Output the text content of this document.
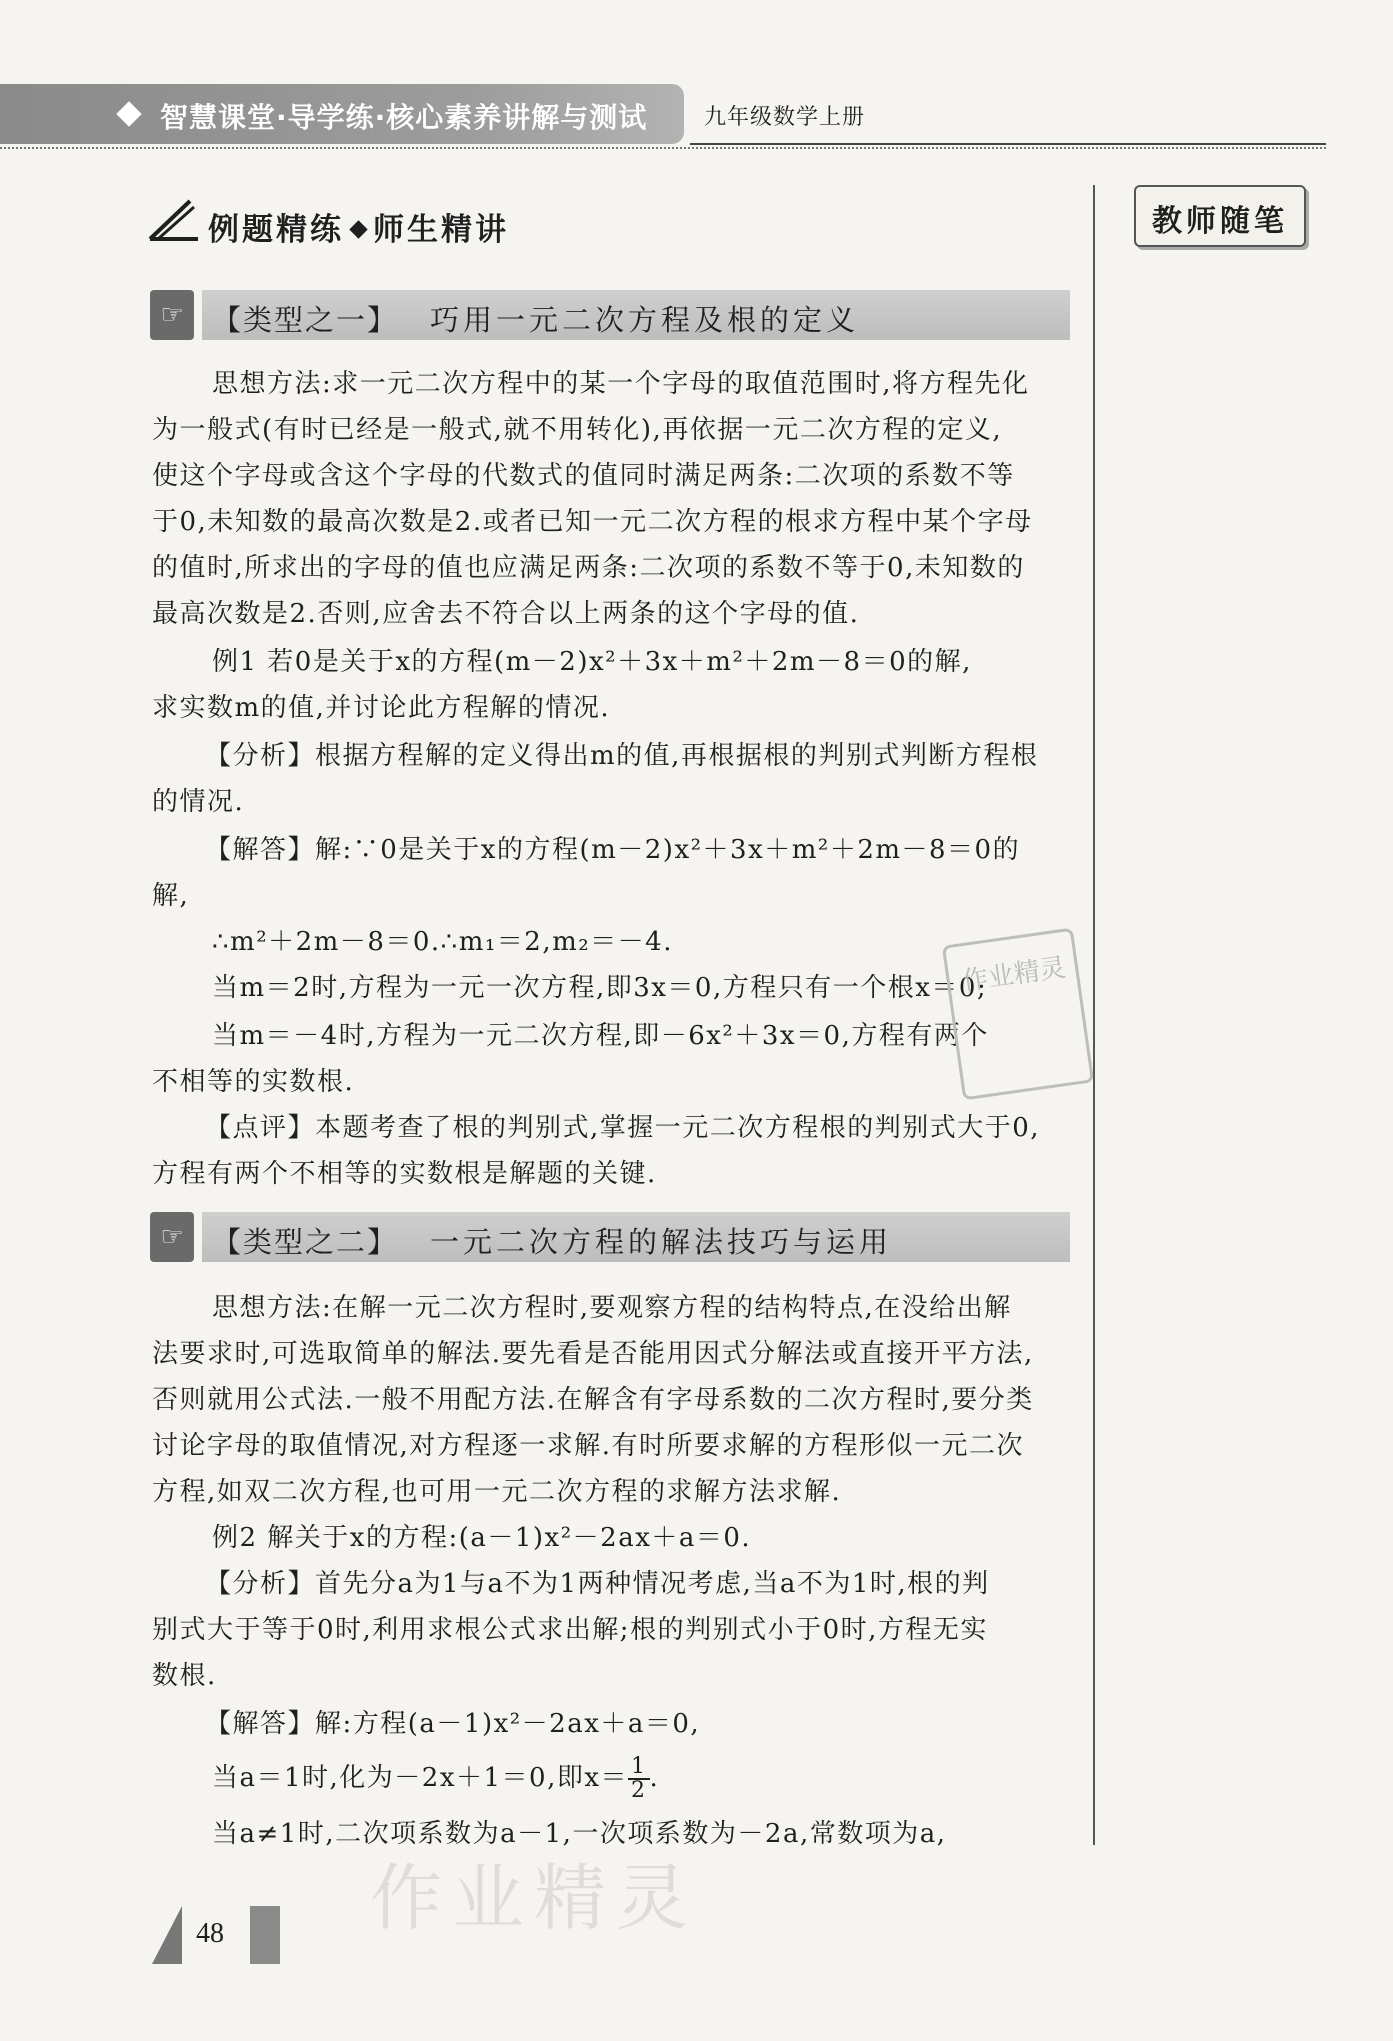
智慧课堂·导学练·核心素养讲解与测试	九年级数学上册
例题精练 师生精讲	教师随笔
☞ 【类型之一】 巧用一元二次方程及根的定义
思想方法:求一元二次方程中的某一个字母的取值范围时,将方程先化
为一般式(有时已经是一般式,就不用转化),再依据一元二次方程的定义,
使这个字母或含这个字母的代数式的值同时满足两条:二次项的系数不等
于0,未知数的最高次数是2.或者已知一元二次方程的根求方程中某个字母
的值时,所求出的字母的值也应满足两条:二次项的系数不等于0,未知数的
最高次数是2.否则,应舍去不符合以上两条的这个字母的值.
例1 若0是关于x的方程(m－2)x²＋3x＋m²＋2m－8＝0的解,
求实数m的值,并讨论此方程解的情况.
【分析】根据方程解的定义得出m的值,再根据根的判别式判断方程根
的情况.
【解答】解:∵0是关于x的方程(m－2)x²＋3x＋m²＋2m－8＝0的
解,
∴m²＋2m－8＝0.∴m₁＝2,m₂＝－4.
当m＝2时,方程为一元一次方程,即3x＝0,方程只有一个根x＝0;
当m＝－4时,方程为一元二次方程,即－6x²＋3x＝0,方程有两个
不相等的实数根.
【点评】本题考查了根的判别式,掌握一元二次方程根的判别式大于0,
方程有两个不相等的实数根是解题的关键.
作业精灵
☞ 【类型之二】 一元二次方程的解法技巧与运用
思想方法:在解一元二次方程时,要观察方程的结构特点,在没给出解
法要求时,可选取简单的解法.要先看是否能用因式分解法或直接开平方法,
否则就用公式法.一般不用配方法.在解含有字母系数的二次方程时,要分类
讨论字母的取值情况,对方程逐一求解.有时所要求解的方程形似一元二次
方程,如双二次方程,也可用一元二次方程的求解方法求解.
例2 解关于x的方程:(a－1)x²－2ax＋a＝0.
【分析】首先分a为1与a不为1两种情况考虑,当a不为1时,根的判
别式大于等于0时,利用求根公式求出解;根的判别式小于0时,方程无实
数根.
【解答】解:方程(a－1)x²－2ax＋a＝0,
当a＝1时,化为－2x＋1＝0,即$x= \frac{1}{2}$ .
当a≠1时,二次项系数为a－1,一次项系数为－2a,常数项为a,
作业精灵
48
